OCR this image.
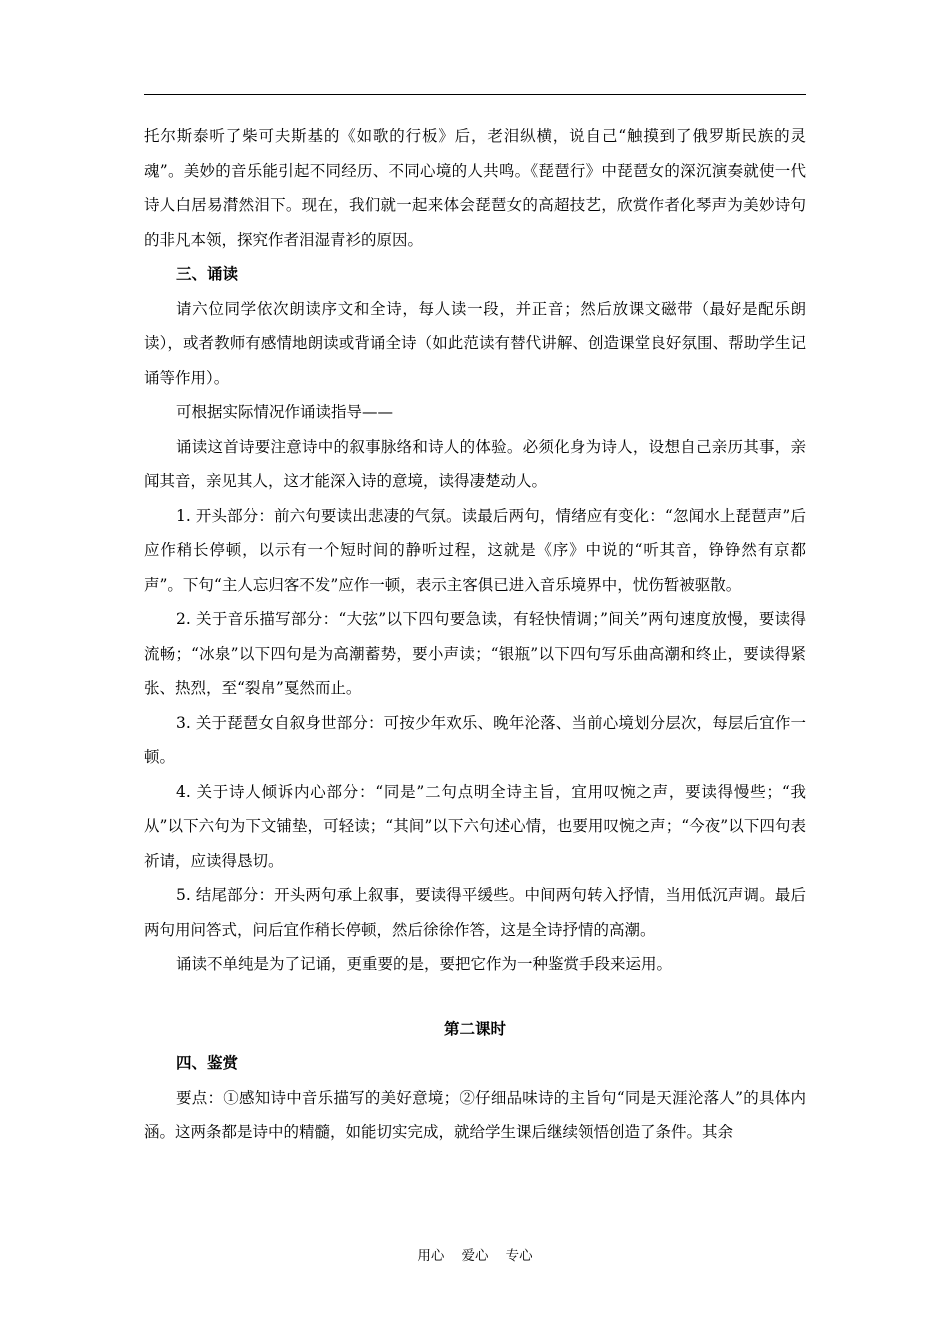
托尔斯泰听了柴可夫斯基的《如歌的行板》后，老泪纵横，说自己“触摸到了俄罗斯民族的灵魂”。美妙的音乐能引起不同经历、不同心境的人共鸣。《琵琶行》中琵琶女的深沉演奏就使一代诗人白居易潸然泪下。现在，我们就一起来体会琵琶女的高超技艺，欣赏作者化琴声为美妙诗句的非凡本领，探究作者泪湿青衫的原因。

三、诵读

请六位同学依次朗读序文和全诗，每人读一段，并正音；然后放课文磁带（最好是配乐朗读），或者教师有感情地朗读或背诵全诗（如此范读有替代讲解、创造课堂良好氛围、帮助学生记诵等作用）。

可根据实际情况作诵读指导——

诵读这首诗要注意诗中的叙事脉络和诗人的体验。必须化身为诗人，设想自己亲历其事，亲闻其音，亲见其人，这才能深入诗的意境，读得凄楚动人。

1. 开头部分：前六句要读出悲凄的气氛。读最后两句，情绪应有变化：“忽闻水上琵琶声”后应作稍长停顿，以示有一个短时间的静听过程，这就是《序》中说的“听其音，铮铮然有京都声”。下句“主人忘归客不发”应作一顿，表示主客俱已进入音乐境界中，忧伤暂被驱散。

2. 关于音乐描写部分：“大弦”以下四句要急读，有轻快情调；”间关”两句速度放慢，要读得流畅；“冰泉”以下四句是为高潮蓄势，要小声读；“银瓶”以下四句写乐曲高潮和终止，要读得紧张、热烈，至“裂帛”戛然而止。

3. 关于琵琶女自叙身世部分：可按少年欢乐、晚年沦落、当前心境划分层次，每层后宜作一顿。

4. 关于诗人倾诉内心部分：“同是”二句点明全诗主旨，宜用叹惋之声，要读得慢些；“我从”以下六句为下文铺垫，可轻读；“其间”以下六句述心情，也要用叹惋之声；“今夜”以下四句表祈请，应读得恳切。

5. 结尾部分：开头两句承上叙事，要读得平缓些。中间两句转入抒情，当用低沉声调。最后两句用问答式，问后宜作稍长停顿，然后徐徐作答，这是全诗抒情的高潮。

诵读不单纯是为了记诵，更重要的是，要把它作为一种鉴赏手段来运用。

第二课时

四、鉴赏

要点：①感知诗中音乐描写的美好意境；②仔细品味诗的主旨句“同是天涯沦落人”的具体内涵。这两条都是诗中的精髓，如能切实完成，就给学生课后继续领悟创造了条件。其余

用心    爱心    专心
